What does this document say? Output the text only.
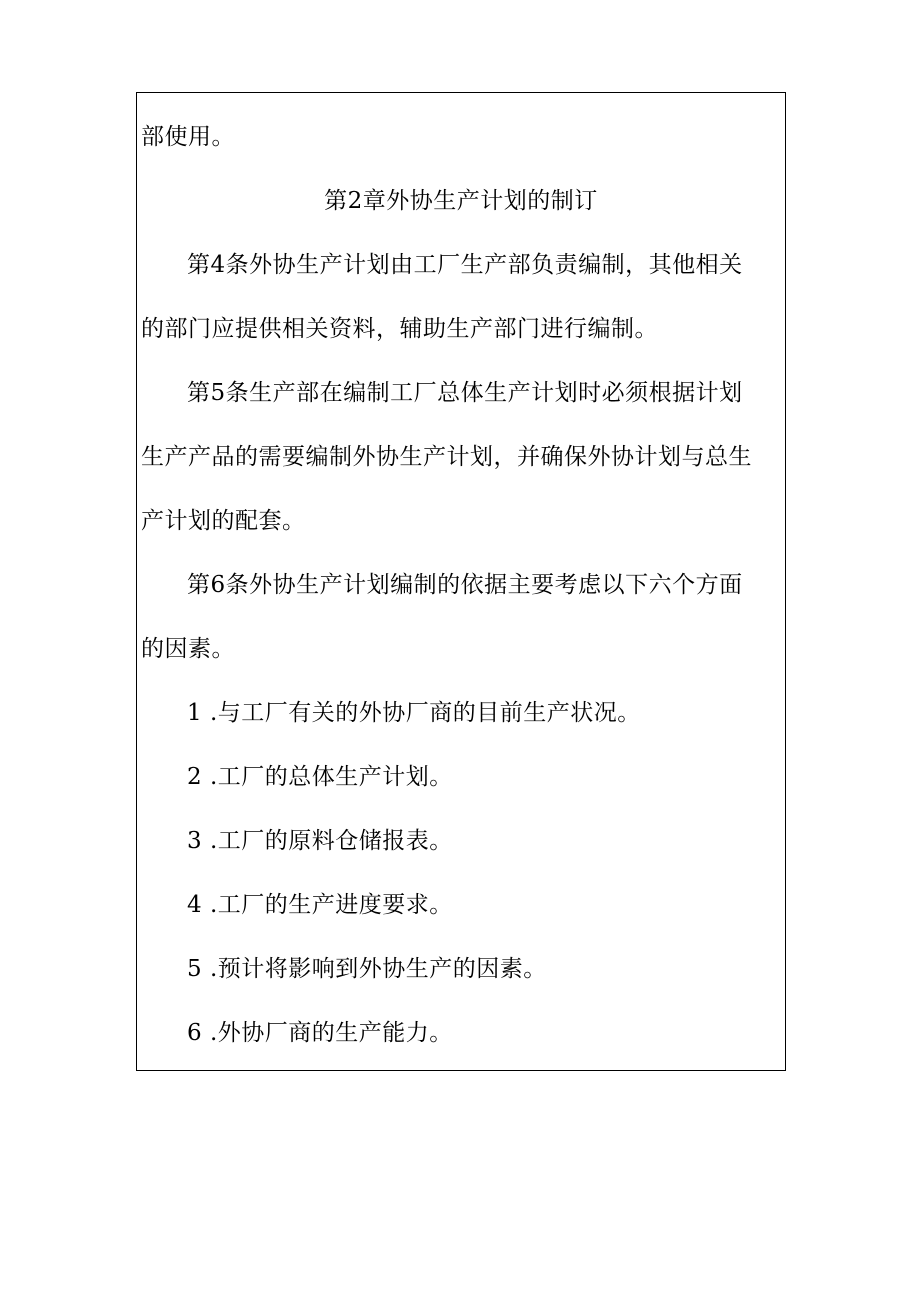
部使用。
第2章外协生产计划的制订
第4条外协生产计划由工厂生产部负责编制，其他相关
的部门应提供相关资料，辅助生产部门进行编制。
第5条生产部在编制工厂总体生产计划时必须根据计划
生产产品的需要编制外协生产计划，并确保外协计划与总生
产计划的配套。
第6条外协生产计划编制的依据主要考虑以下六个方面
的因素。
1 .与工厂有关的外协厂商的目前生产状况。
2 .工厂的总体生产计划。
3 .工厂的原料仓储报表。
4 .工厂的生产进度要求。
5 .预计将影响到外协生产的因素。
6 .外协厂商的生产能力。
